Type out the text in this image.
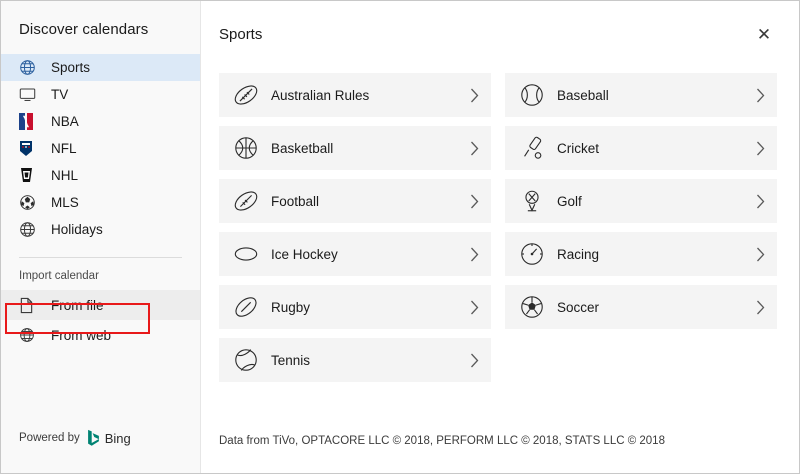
Discover calendars
Sports
TV
NBA
NFL
NHL
MLS
Holidays
Import calendar
From file
From web
Powered by Bing
Sports	✕
Australian Rules	Baseball
Basketball	Cricket
Football	Golf
Ice Hockey	Racing
Rugby	Soccer
Tennis
Data from TiVo, OPTACORE LLC © 2018, PERFORM LLC © 2018, STATS LLC © 2018
